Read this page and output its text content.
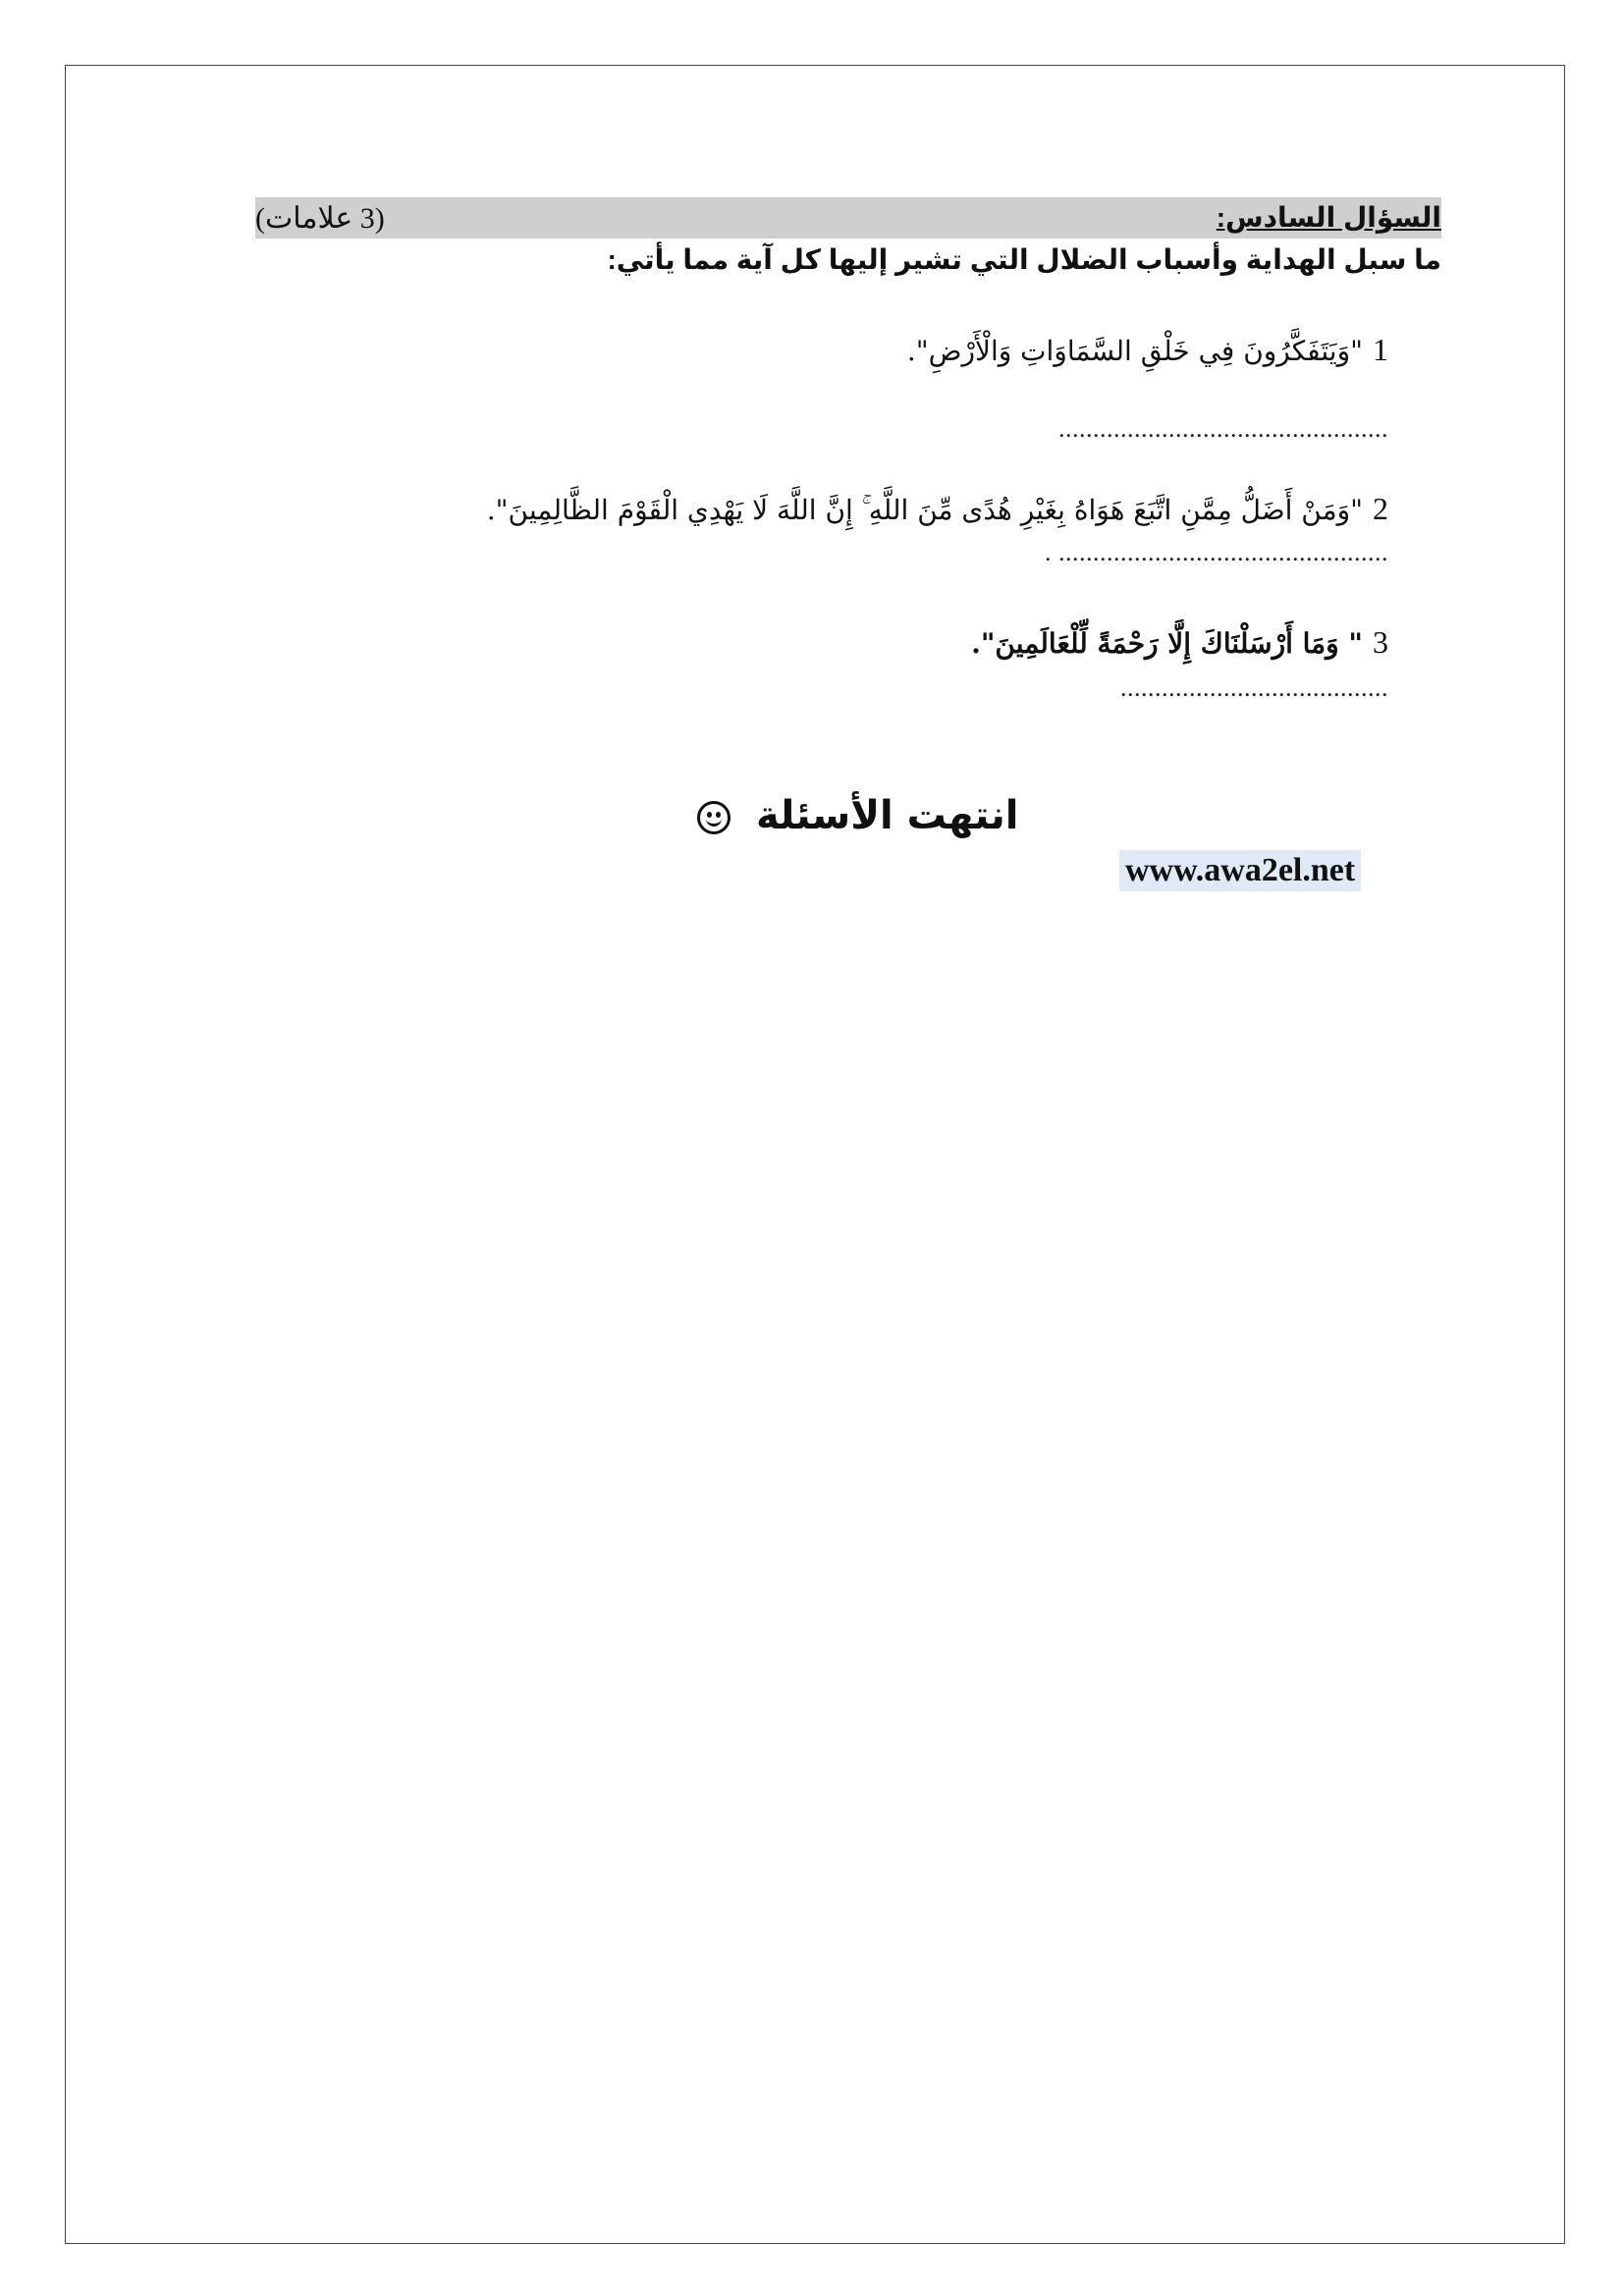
السؤال السادس:
(3 علامات)
ما سبل الهداية وأسباب الضلال التي تشير إليها كل آية مما يأتي:
1"وَيَتَفَكَّرُونَ فِي خَلْقِ السَّمَاوَاتِ وَالْأَرْضِ".
................................................
2"وَمَنْ أَضَلُّ مِمَّنِ اتَّبَعَ هَوَاهُ بِغَيْرِ هُدًى مِّنَ اللَّهِ ۚ إِنَّ اللَّهَ لَا يَهْدِي الْقَوْمَ الظَّالِمِينَ".
. ................................................
3" وَمَا أَرْسَلْنَاكَ إِلَّا رَحْمَةً لِّلْعَالَمِينَ".
.......................................
انتهت الأسئلة
www.awa2el.net
